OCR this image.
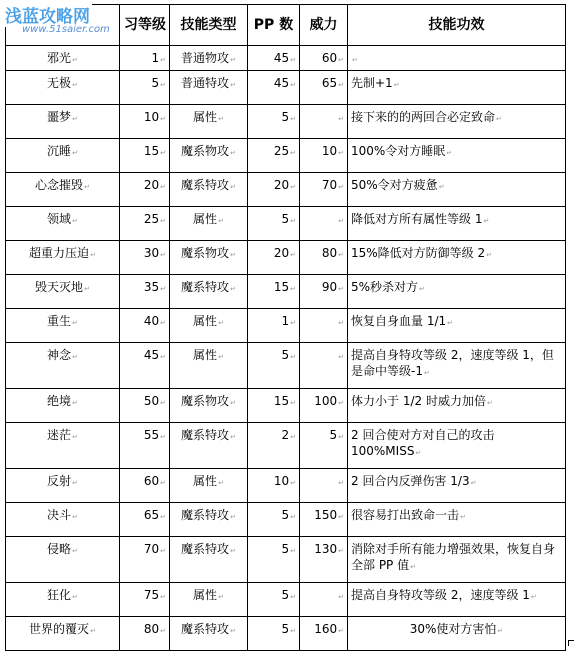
	习等级	技能类型	PP 数	威力	技能功效

邪光↵	1↵	普通物攻↵	45↵	60↵	↵

无极↵	5↵	普通特攻↵	45↵	65↵	先制+1↵

噩梦↵	10↵	属性↵	5↵	↵	接下来的的两回合必定致命↵

沉睡↵	15↵	魔系物攻↵	25↵	10↵	100%令对方睡眠↵

心念摧毁↵	20↵	魔系特攻↵	20↵	70↵	50%令对方疲惫↵

领域↵	25↵	属性↵	5↵	↵	降低对方所有属性等级 1↵

超重力压迫↵	30↵	魔系物攻↵	20↵	80↵	15%降低对方防御等级 2↵

毁天灭地↵	35↵	魔系特攻↵	15↵	90↵	5%秒杀对方↵

重生↵	40↵	属性↵	1↵	↵	恢复自身血量 1/1↵

神念↵	45↵	属性↵	5↵	↵	提高自身特攻等级 2，速度等级 1，但是命中等级-1↵

绝境↵	50↵	魔系物攻↵	15↵	100↵	体力小于 1/2 时威力加倍↵

迷茫↵	55↵	魔系特攻↵	2↵	5↵	2 回合使对方对自己的攻击 100%MISS↵

反射↵	60↵	属性↵	10↵	↵	2 回合内反弹伤害 1/3↵

决斗↵	65↵	魔系特攻↵	5↵	150↵	很容易打出致命一击↵

侵略↵	70↵	魔系特攻↵	5↵	130↵	消除对手所有能力增强效果，恢复自身全部 PP 值↵

狂化↵	75↵	属性↵	5↵	↵	提高自身特攻等级 2，速度等级 1↵

世界的覆灭↵	80↵	魔系特攻↵	5↵	160↵	30%使对方害怕↵
浅蓝攻略网
www.51saier.com
